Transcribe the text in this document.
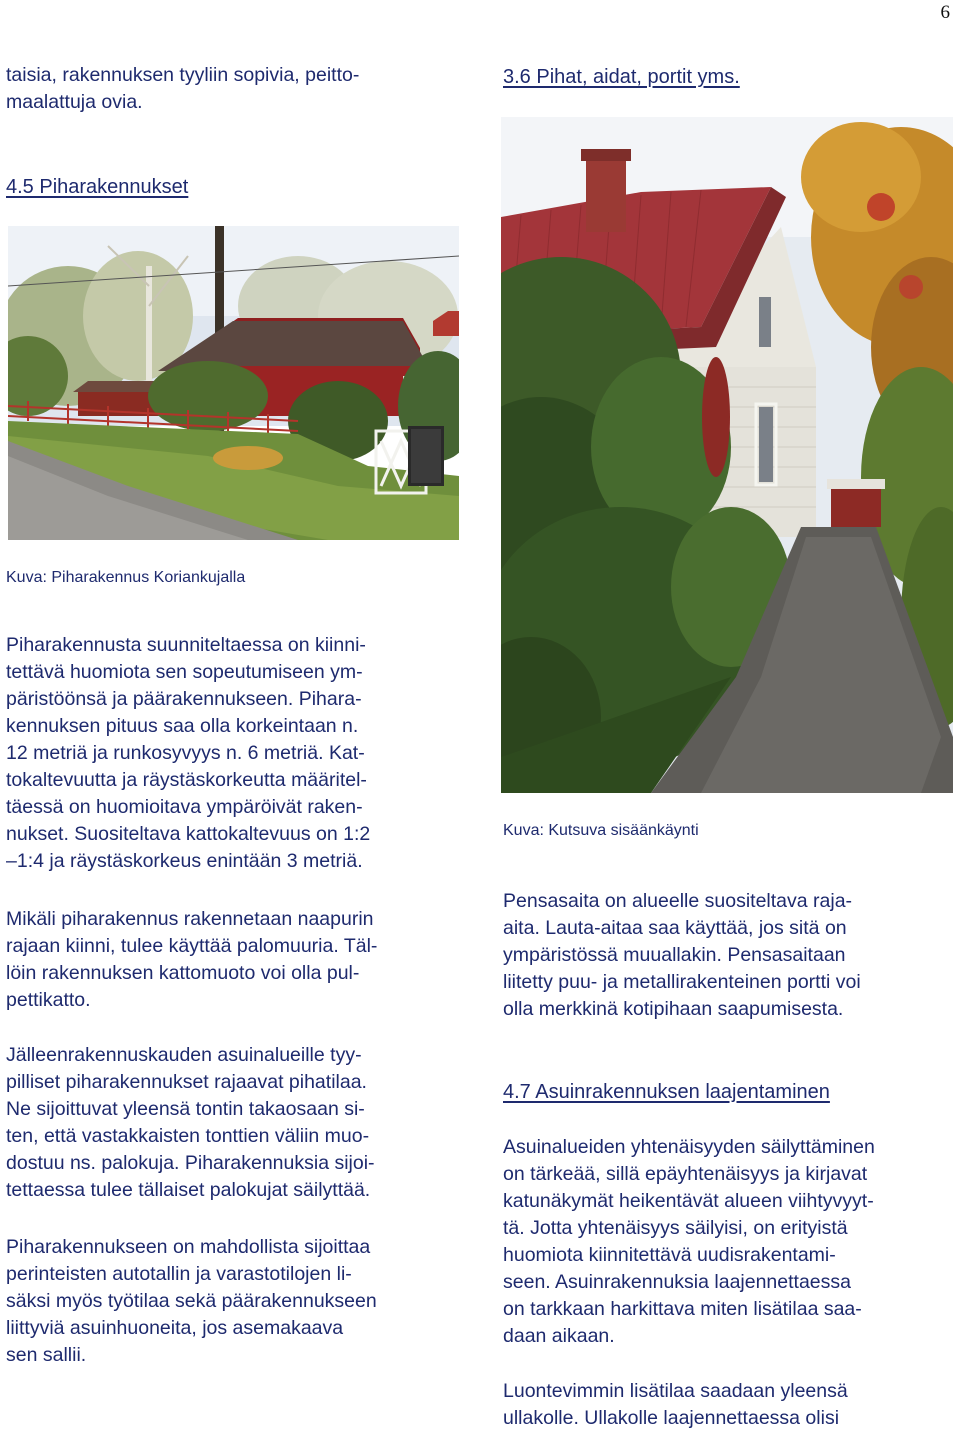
6

taisia, rakennuksen tyyliin sopivia, peitto-
maalattuja ovia.

4.5 Piharakennukset

Kuva: Piharakennus Koriankujalla

Piharakennusta suunniteltaessa on kiinni-
tettävä huomiota sen sopeutumiseen ym-
päristöönsä ja päärakennukseen. Pihara-
kennuksen pituus saa olla korkeintaan n.
12 metriä ja runkosyvyys n. 6 metriä. Kat-
tokaltevuutta ja räystäskorkeutta määritel-
täessä on huomioitava ympäröivät raken-
nukset. Suositeltava kattokaltevuus on 1:2
–1:4 ja räystäskorkeus enintään 3 metriä.

Mikäli piharakennus rakennetaan naapurin
rajaan kiinni, tulee käyttää palomuuria. Täl-
löin rakennuksen kattomuoto voi olla pul-
pettikatto.

Jälleenrakennuskauden asuinalueille tyy-
pilliset piharakennukset rajaavat pihatilaa.
Ne sijoittuvat yleensä tontin takaosaan si-
ten, että vastakkaisten tonttien väliin muo-
dostuu ns. palokuja. Piharakennuksia sijoi-
tettaessa tulee tällaiset palokujat säilyttää.

Piharakennukseen on mahdollista sijoittaa
perinteisten autotallin ja varastotilojen li-
säksi myös työtilaa sekä päärakennukseen
liittyviä asuinhuoneita, jos asemakaava
sen sallii.

3.6 Pihat, aidat, portit yms.

Kuva: Kutsuva sisäänkäynti

Pensasaita on alueelle suositeltava raja-
aita. Lauta-aitaa saa käyttää, jos sitä on
ympäristössä muuallakin. Pensasaitaan
liitetty puu- ja metallirakenteinen portti voi
olla merkkinä kotipihaan saapumisesta.

4.7 Asuinrakennuksen laajentaminen

Asuinalueiden yhtenäisyyden säilyttäminen
on tärkeää, sillä epäyhtenäisyys ja kirjavat
katunäkymät heikentävät alueen viihtyvyyt-
tä. Jotta yhtenäisyys säilyisi, on erityistä
huomiota kiinnitettävä uudisrakentami-
seen. Asuinrakennuksia laajennettaessa
on tarkkaan harkittava miten lisätilaa saa-
daan aikaan.

Luontevimmin lisätilaa saadaan yleensä
ullakolle. Ullakolle laajennettaessa olisi
